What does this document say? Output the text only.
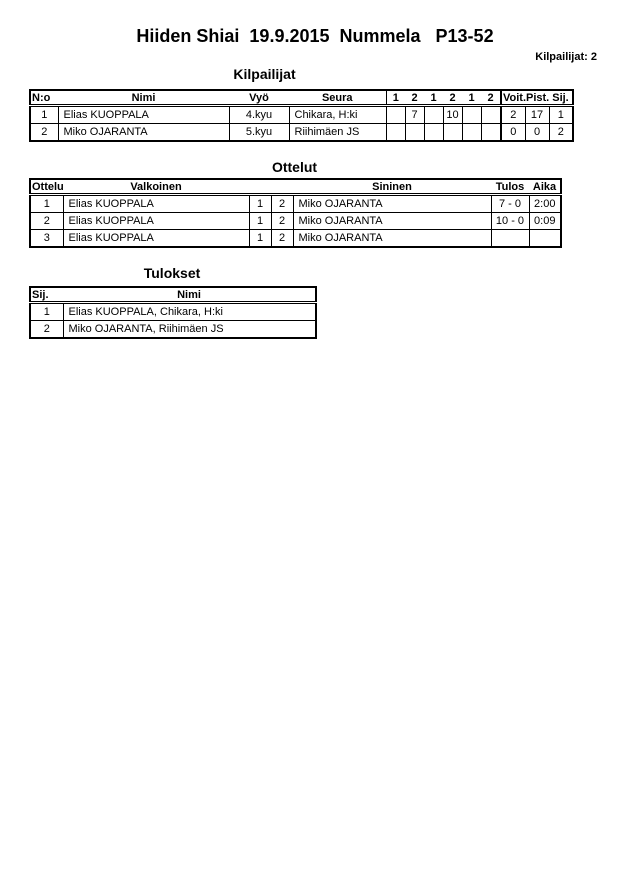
Hiiden Shiai  19.9.2015  Nummela   P13-52
Kilpailijat: 2
Kilpailijat
N:o	Nimi	Vyö	Seura	1	2	1	2	1	2	Voit.	Pist.	Sij.
1	Elias KUOPPALA	4.kyu	Chikara, H:ki		7		10			2	17	1
2	Miko OJARANTA	5.kyu	Riihimäen JS							0	0	2
Ottelut
Ottelu	Valkoinen			Sininen	Tulos	Aika
1	Elias KUOPPALA	1	2	Miko OJARANTA	7 - 0	2:00
2	Elias KUOPPALA	1	2	Miko OJARANTA	10 - 0	0:09
3	Elias KUOPPALA	1	2	Miko OJARANTA		
Tulokset
Sij.	Nimi
1	Elias KUOPPALA, Chikara, H:ki
2	Miko OJARANTA, Riihimäen JS
